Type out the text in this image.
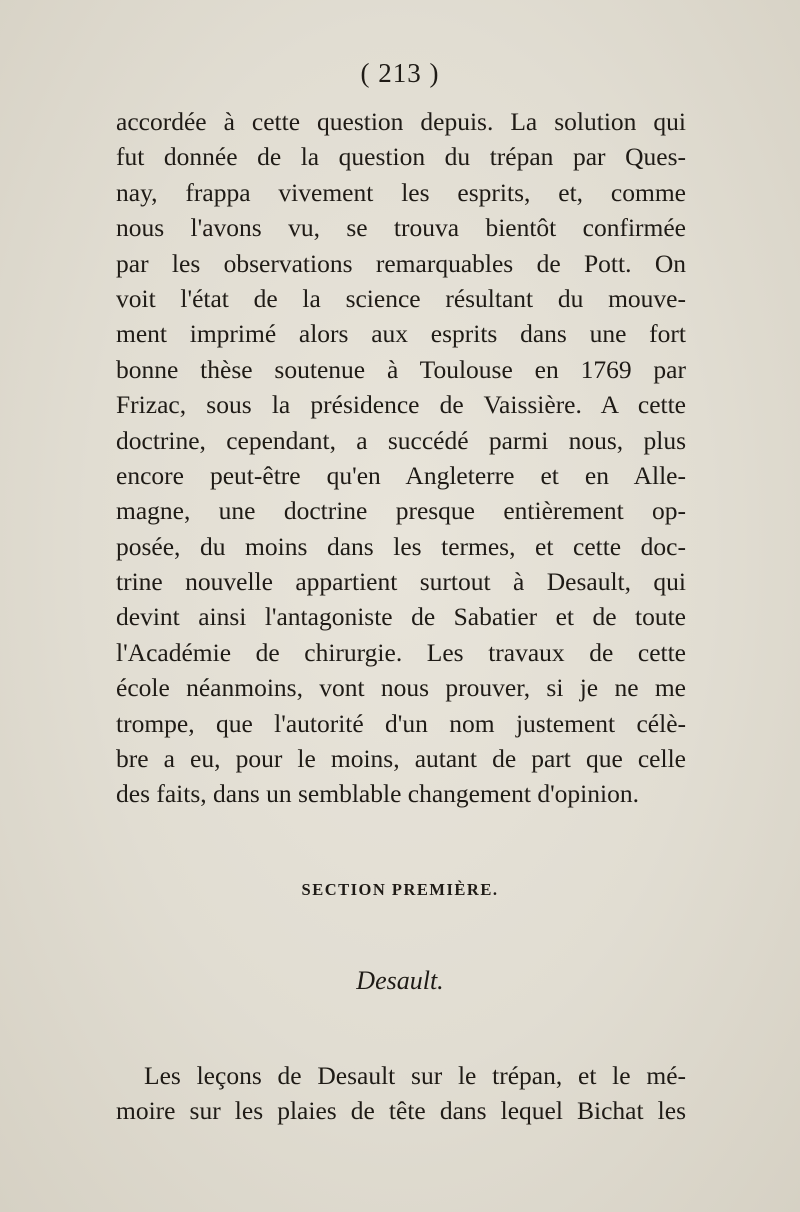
( 213 )
accordée à cette question depuis. La solution qui
fut donnée de la question du trépan par Ques-
nay, frappa vivement les esprits, et, comme
nous l'avons vu, se trouva bientôt confirmée
par les observations remarquables de Pott. On
voit l'état de la science résultant du mouve-
ment imprimé alors aux esprits dans une fort
bonne thèse soutenue à Toulouse en 1769 par
Frizac, sous la présidence de Vaissière. A cette
doctrine, cependant, a succédé parmi nous, plus
encore peut-être qu'en Angleterre et en Alle-
magne, une doctrine presque entièrement op-
posée, du moins dans les termes, et cette doc-
trine nouvelle appartient surtout à Desault, qui
devint ainsi l'antagoniste de Sabatier et de toute
l'Académie de chirurgie. Les travaux de cette
école néanmoins, vont nous prouver, si je ne me
trompe, que l'autorité d'un nom justement célè-
bre a eu, pour le moins, autant de part que celle
des faits, dans un semblable changement d'opinion.
SECTION PREMIÈRE.
Desault.
Les leçons de Desault sur le trépan, et le mé-
moire sur les plaies de tête dans lequel Bichat les
